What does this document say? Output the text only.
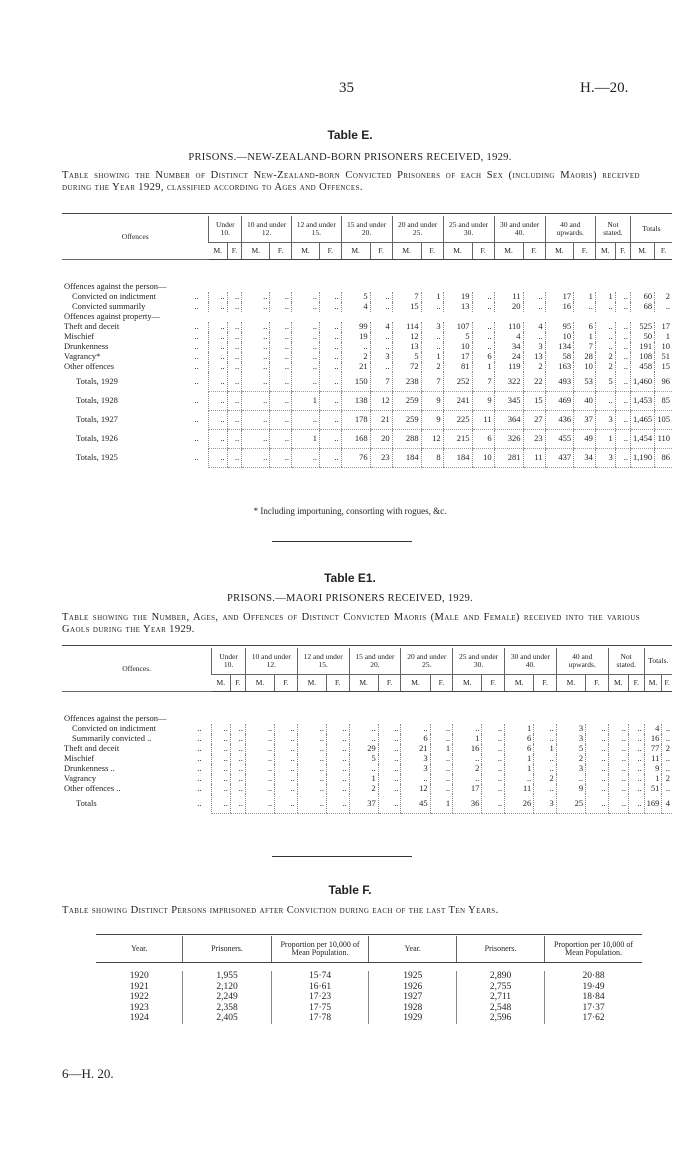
35	H.—20.
Table E.
PRISONS.—NEW-ZEALAND-BORN PRISONERS RECEIVED, 1929.
Table showing the Number of Distinct New-Zealand-born Convicted Prisoners of each Sex (including Maoris) received during the Year 1929, classified according to Ages and Offences.
Offences		Under 10.		10 and under 12.		12 and under 15.		15 and under 20.		20 and under 25.		25 and under 30.		30 and under 40.		40 and upwards.		Not stated.		Totals	
		M.	F.	M.	F.	M.	F.	M.	F.	M.	F.	M.	F.	M.	F.	M.	F.	M.	F.	M.	F.

Offences against the person—																					
Convicted on indictment	..	..	..	..	..	..	..	5	..	7	1	19	..	11	..	17	1	1	..	60	2
Convicted summarily	..	..	..	..	..	..	..	4	..	15	..	13	..	20	..	16	..	..	..	68	..
Offences against property—																					
Theft and deceit	..	..	..	..	..	..	..	99	4	114	3	107	..	110	4	95	6	..	..	525	17
Mischief	..	..	..	..	..	..	..	19	..	12	..	5	..	4	..	10	1	..	..	50	1
Drunkenness	..	..	..	..	..	..	..	..	..	13	..	10	..	34	3	134	7	..	..	191	10
Vagrancy*	..	..	..	..	..	..	..	2	3	5	1	17	6	24	13	58	28	2	..	108	51
Other offences	..	..	..	..	..	..	..	21	..	72	2	81	1	119	2	163	10	2	..	458	15
Totals, 1929	..	..	..	..	..	..	..	150	7	238	7	252	7	322	22	493	53	5	..	1,460	96
Totals, 1928	..	..	..	..	..	1	..	138	12	259	9	241	9	345	15	469	40	..	..	1,453	85
Totals, 1927	..	..	..	..	..	..	..	178	21	259	9	225	11	364	27	436	37	3	..	1,465	105
Totals, 1926	..	..	..	..	..	1	..	168	20	288	12	215	6	326	23	455	49	1	..	1,454	110
Totals, 1925	..	..	..	..	..	..	..	76	23	184	8	184	10	281	11	437	34	3	..	1,190	86
* Including importuning, consorting with rogues, &c.
Table E1.
PRISONS.—MAORI PRISONERS RECEIVED, 1929.
Table showing the Number, Ages, and Offences of Distinct Convicted Maoris (Male and Female) received into the various Gaols during the Year 1929.
Offences.		Under 10.		10 and under 12.		12 and under 15.		15 and under 20.		20 and under 25.		25 and under 30.		30 and under 40.		40 and upwards.		Not stated.		Totals.	
		M.	F.	M.	F.	M.	F.	M.	F.	M.	F.	M.	F.	M.	F.	M.	F.	M.	F.	M.	F.

Offences against the person—																					
Convicted on indictment	..	..	..	..	..	..	..	..	..	..	..	..	..	1	..	3	..	..	..	4	..
Summarily convicted ..	..	..	..	..	..	..	..	..	..	6	..	1	..	6	..	3	..	..	..	16	..
Theft and deceit	..	..	..	..	..	..	..	29	..	21	1	16	..	6	1	5	..	..	..	77	2
Mischief	..	..	..	..	..	..	..	5	..	3	..	..	..	1	..	2	..	..	..	11	..
Drunkenness ..	..	..	..	..	..	..	..	..	..	3	..	2	..	1	..	3	..	..	..	9	..
Vagrancy	..	..	..	..	..	..	..	1	..	..	..	..	..	..	2	..	..	..	..	1	2
Other offences ..	..	..	..	..	..	..	..	2	..	12	..	17	..	11	..	9	..	..	..	51	..
Totals	..	..	..	..	..	..	..	37	..	45	1	36	..	26	3	25	..	..	..	169	4
Table F.
Table showing Distinct Persons imprisoned after Conviction during each of the last Ten Years.
Year.	Prisoners.	Proportion per 10,000 of Mean Population.	Year.	Prisoners.	Proportion per 10,000 of Mean Population.

1920	1,955	15·74	1925	2,890	20·88
1921	2,120	16·61	1926	2,755	19·49
1922	2,249	17·23	1927	2,711	18·84
1923	2,358	17·75	1928	2,548	17·37
1924	2,405	17·78	1929	2,596	17·62
6—H. 20.
